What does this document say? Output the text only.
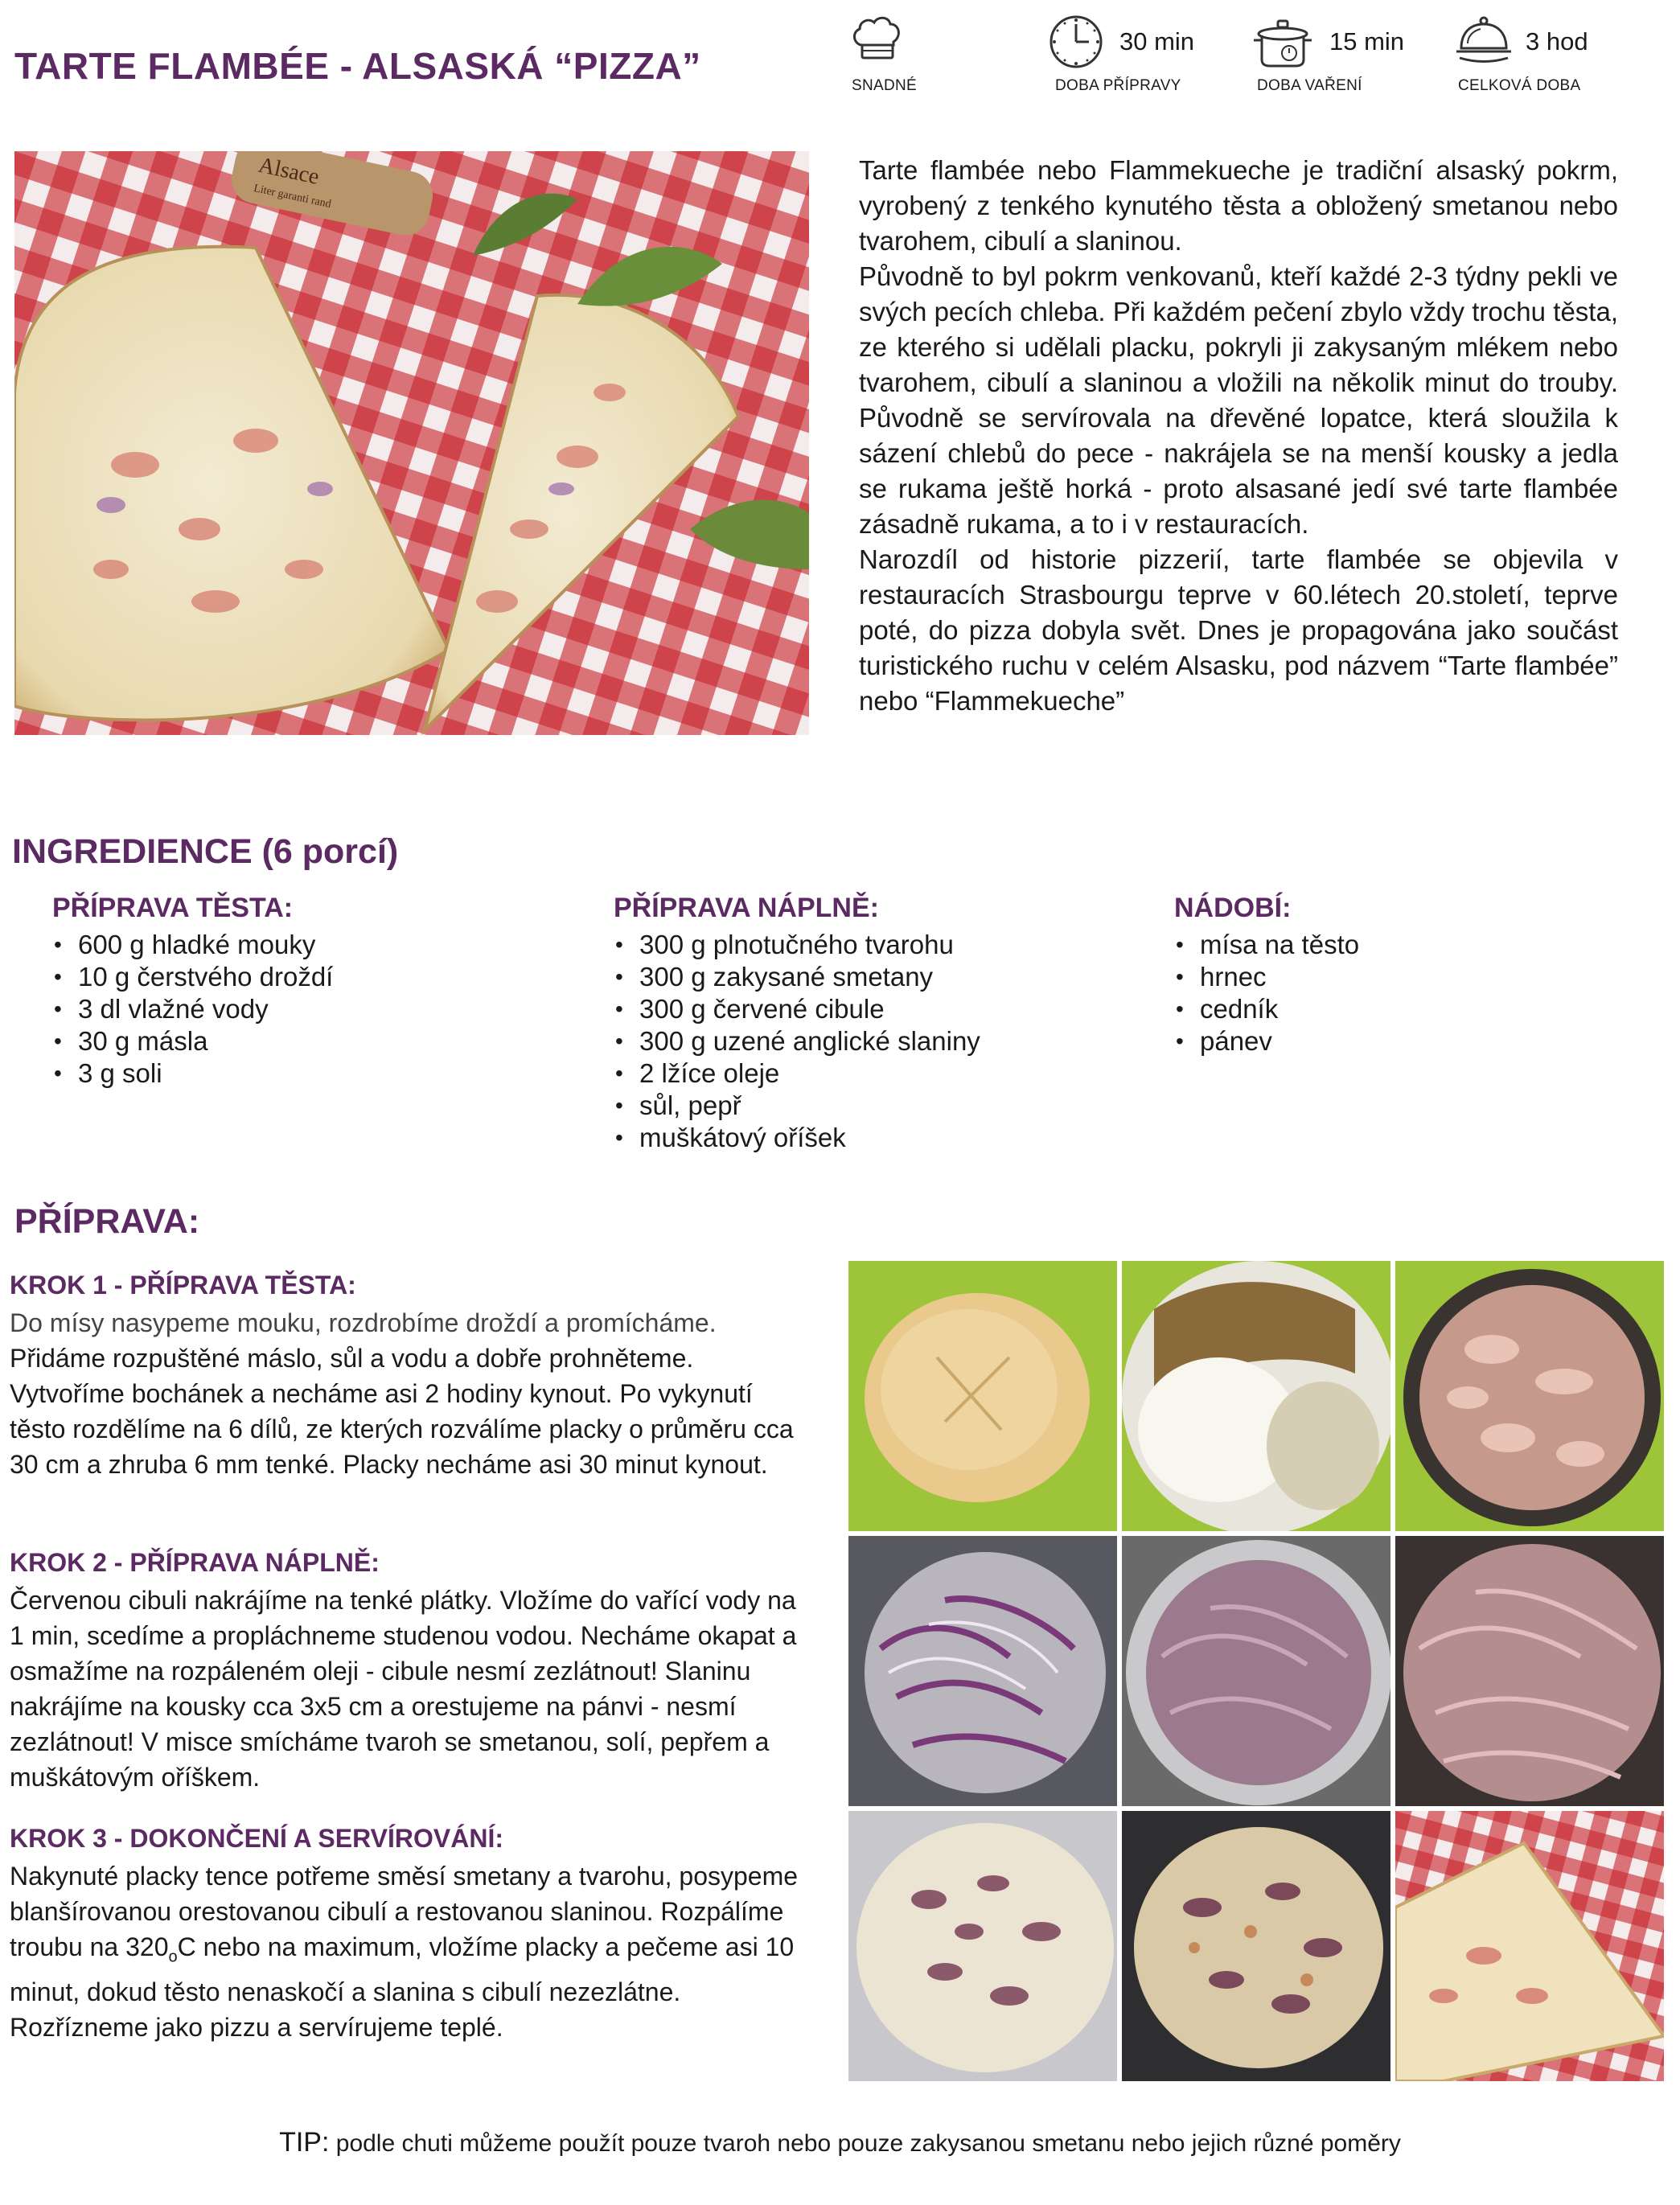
TARTE FLAMBÉE - ALSASKÁ “PIZZA”	SNADNÉ
30 min
DOBA PŘÍPRAVY
15 min
DOBA VAŘENÍ
3 hod
CELKOVÁ DOBA
Alsace
Liter garanti rand

Tarte flambée nebo Flammekueche je tradiční alsaský pokrm, vyrobený z tenkého kynutého těsta a obložený smetanou nebo tvarohem, cibulí a slaninou.

Původně to byl pokrm venkovanů, kteří každé 2-3 týdny pekli ve svých pecích chleba. Při každém pečení zbylo vždy trochu těsta, ze kterého si udělali placku, pokryli ji zakysaným mlékem nebo tvarohem, cibulí a slaninou a vložili na několik minut do trouby. Původně se servírovala na dřevěné lopatce, která sloužila k sázení chlebů do pece - nakrájela se na menší kousky a jedla se rukama ještě horká - proto alsasané jedí své tarte flambée zásadně rukama, a to i v restauracích.

Narozdíl od historie pizzerií, tarte flambée se objevila v restauracích Strasbourgu teprve v 60.létech 20.století, teprve poté, do pizza dobyla svět. Dnes je propagována jako součást turistického ruchu v celém Alsasku, pod názvem “Tarte flambée” nebo “Flammekueche”

INGREDIENCE (6 porcí)
PŘÍPRAVA TĚSTA:
• 600 g hladké mouky
• 10 g čerstvého droždí
• 3 dl vlažné vody
• 30 g másla
• 3 g soli
PŘÍPRAVA NÁPLNĚ:
• 300 g plnotučného tvarohu
• 300 g zakysané smetany
• 300 g červené cibule
• 300 g uzené anglické slaniny
• 2 lžíce oleje
• sůl, pepř
• muškátový oříšek
NÁDOBÍ:
• mísa na těsto
• hrnec
• cedník
• pánev
PŘÍPRAVA:
KROK 1 - PŘÍPRAVA TĚSTA:

Do mísy nasypeme mouku, rozdrobíme droždí a promícháme. Přidáme rozpuštěné máslo, sůl a vodu a dobře prohněteme. Vytvoříme bochánek a necháme asi 2 hodiny kynout. Po vykynutí těsto rozdělíme na 6 dílů, ze kterých rozválíme placky o průměru cca 30 cm a zhruba 6 mm tenké. Placky necháme asi 30 minut kynout.

KROK 2 - PŘÍPRAVA NÁPLNĚ:

Červenou cibuli nakrájíme na tenké plátky. Vložíme do vařící vody na 1 min, scedíme a propláchneme studenou vodou. Necháme okapat a osmažíme na rozpáleném oleji - cibule nesmí zezlátnout! Slaninu nakrájíme na kousky cca 3x5 cm a orestujeme na pánvi - nesmí zezlátnout! V misce smícháme tvaroh se smetanou, solí, pepřem a muškátovým oříškem.

KROK 3 - DOKONČENÍ A SERVÍROVÁNÍ:

Nakynuté placky tence potřeme směsí smetany a tvarohu, posypeme blanšírovanou orestovanou cibulí a restovanou slaninou. Rozpálíme troubu na $320_oC$ nebo na maximum, vložíme placky a pečeme asi 10 minut, dokud těsto nenaskočí a slanina s cibulí nezezlátne. Rozřízneme jako pizzu a servírujeme teplé.

TIP: podle chuti můžeme použít pouze tvaroh nebo pouze zakysanou smetanu nebo jejich různé poměry
